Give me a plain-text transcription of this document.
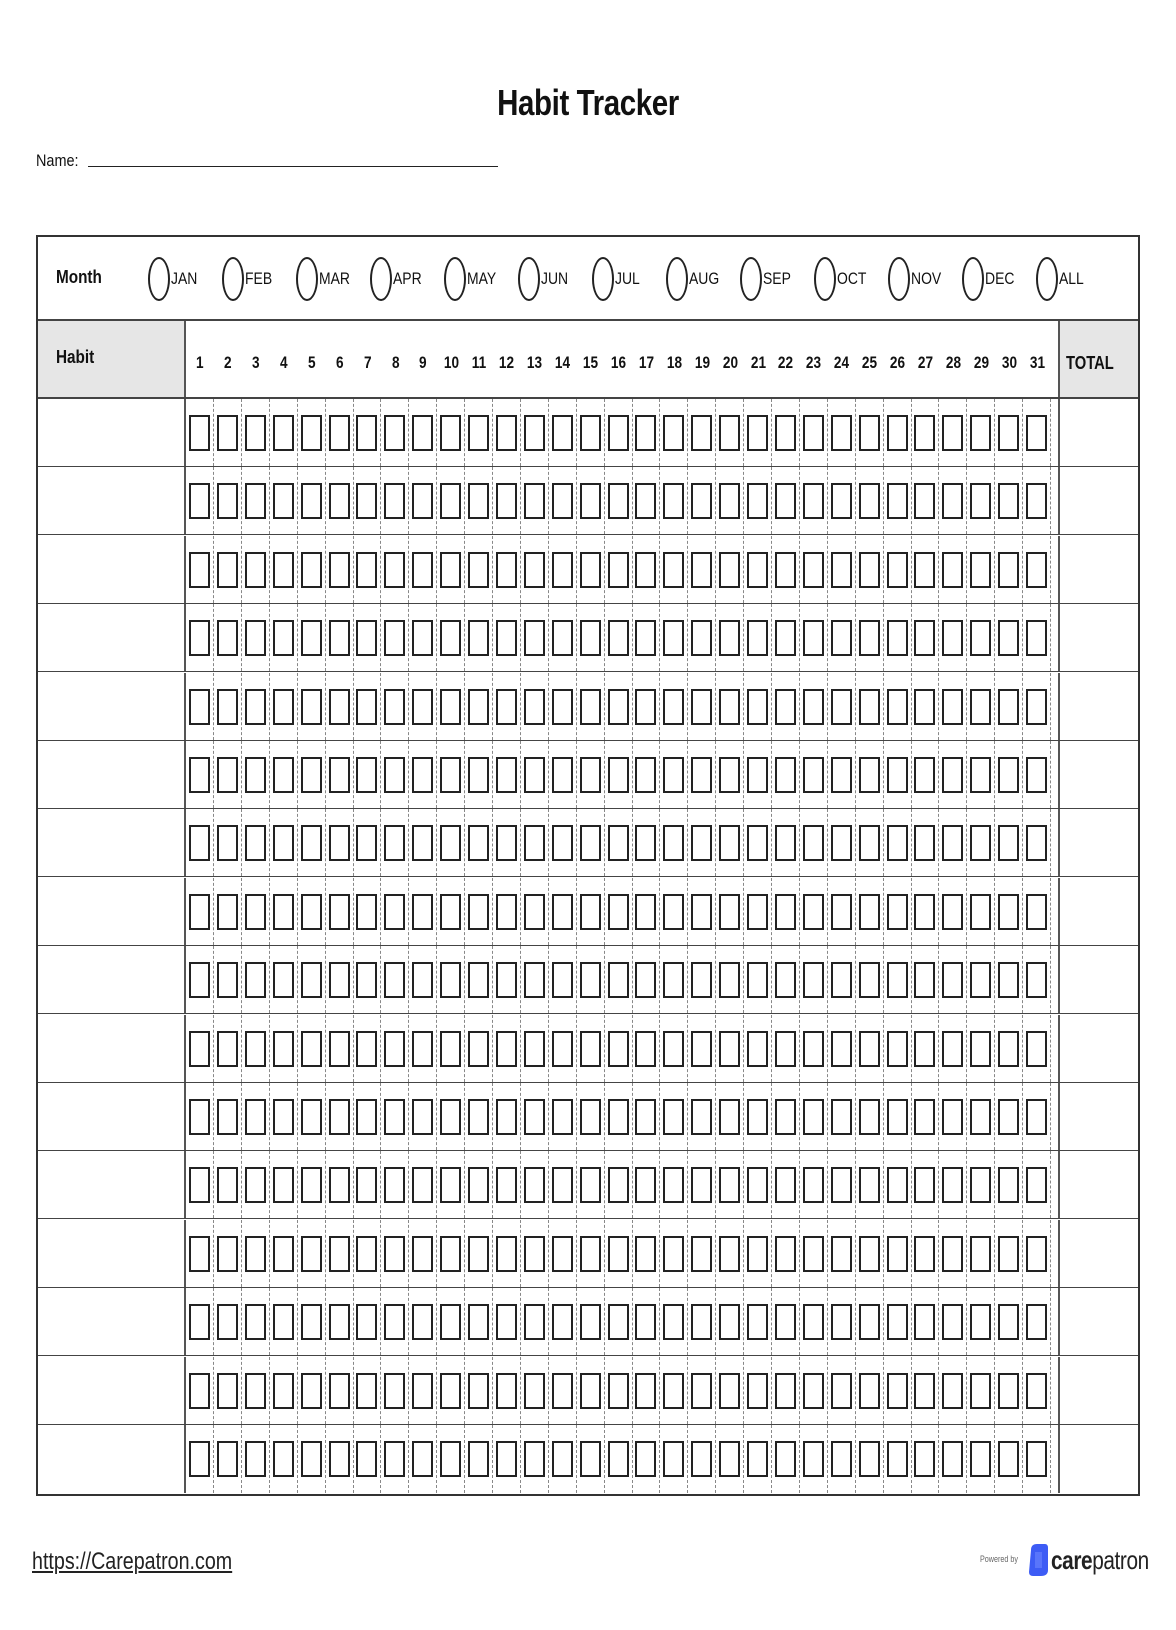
Habit Tracker
Name:
Month	JAN	FEB	MAR	APR	MAY	JUN	JUL	AUG	SEP	OCT	NOV	DEC	ALL
Habit	1	2	3	4	5	6	7	8	9 10 11 12 13 14 15 16 17 18 19 20 21 22 23 24 25 26 27 28 29 30 31	TOTAL
https://Carepatron.com	Powered by carepatron
